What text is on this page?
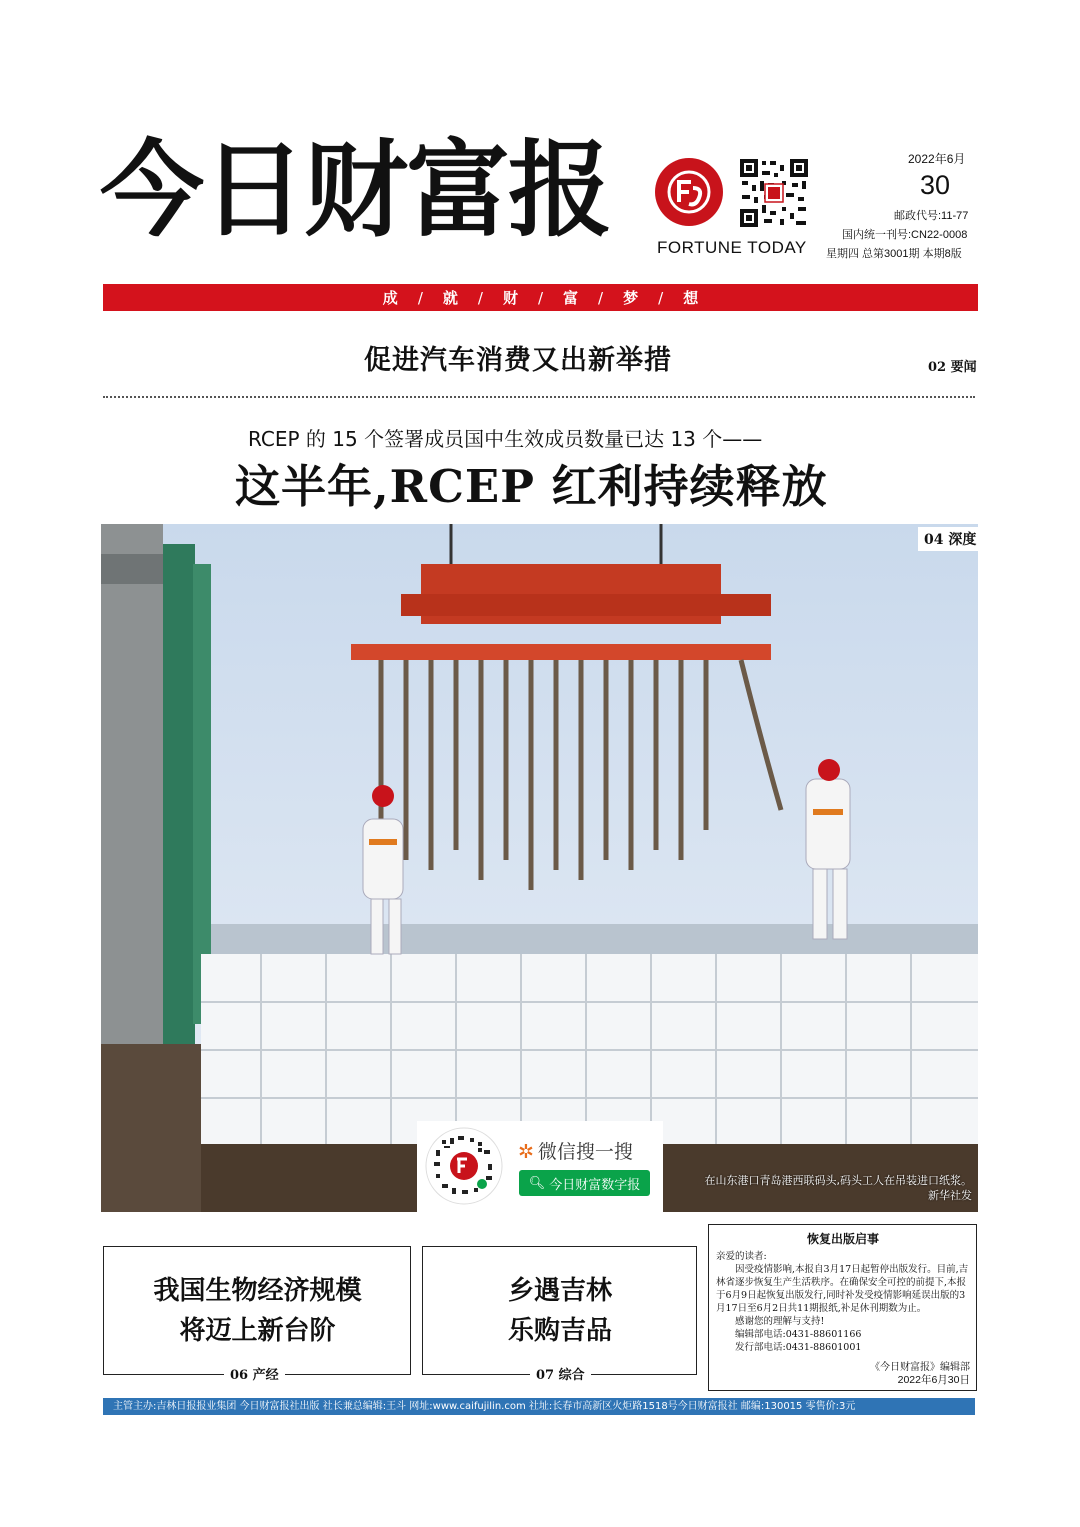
今日财富报	FORTUNE TODAY
2022年6月
30
邮政代号:11-77
国内统一刊号:CN22-0008
星期四 总第3001期 本期8版
成 / 就 / 财 / 富 / 梦 / 想
促进汽车消费又出新举措	02 要闻
RCEP 的 15 个签署成员国中生效成员数量已达 13 个——
这半年,RCEP 红利持续释放
04 深度
在山东港口青岛港西联码头,码头工人在吊装进口纸浆。
新华社发
✲ 微信搜一搜
🔍︎ 今日财富数字报
我国生物经济规模
将迈上新台阶
06 产经
乡遇吉林
乐购吉品
07 综合
恢复出版启事

亲爱的读者:

因受疫情影响,本报自3月17日起暂停出版发行。目前,吉林省逐步恢复生产生活秩序。在确保安全可控的前提下,本报于6月9日起恢复出版发行,同时补发受疫情影响延误出版的3月17日至6月2日共11期报纸,补足休刊期数为止。

感谢您的理解与支持!

编辑部电话:0431-88601166

发行部电话:0431-88601001

《今日财富报》编辑部
2022年6月30日
主管主办:吉林日报报业集团 今日财富报社出版 社长兼总编辑:王斗 网址:www.caifujilin.com 社址:长春市高新区火炬路1518号今日财富报社 邮编:130015 零售价:3元
